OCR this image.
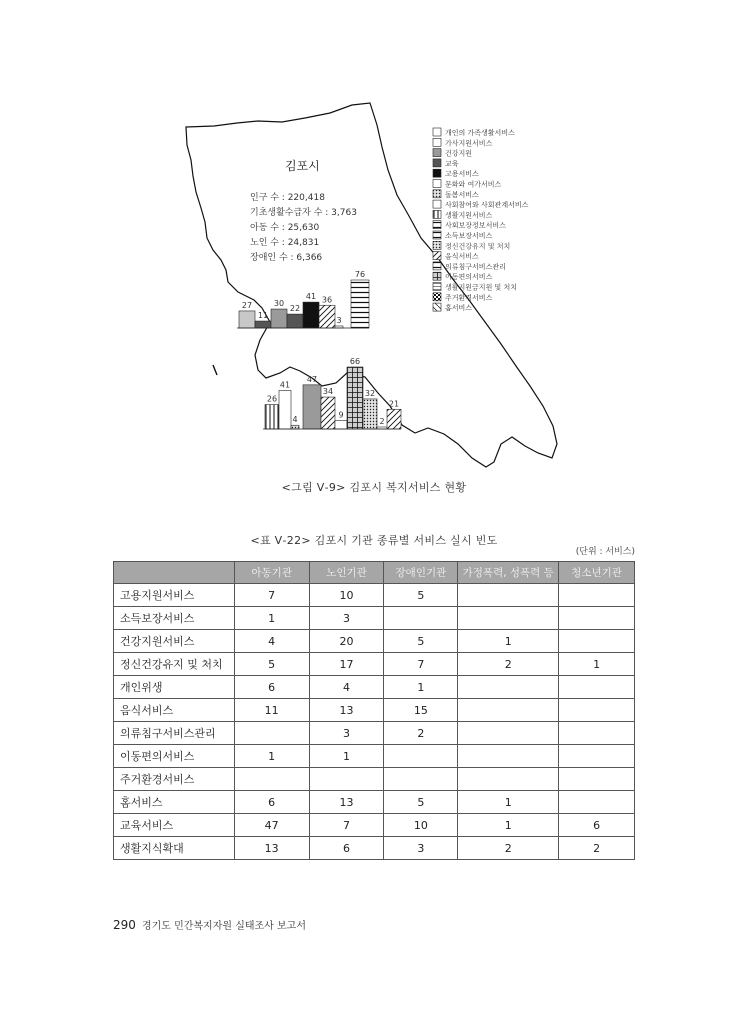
김포시
인구 수 : 220,418
기초생활수급자 수 : 3,763
아동 수 : 25,630
노인 수 : 24,831
장애인 수 : 6,366
개인의 가족생활서비스
가사지원서비스
건강지원
교육
고용서비스
문화와 여가서비스
돌봄서비스
사회참여와 사회관계서비스
생활지원서비스
사회보장정보서비스
소득보장서비스
정신건강유지 및 처치
음식서비스
의류침구서비스관리
이동편의서비스
생활지원금지원 및 처치
주거환경서비스
홈서비스
27
11
30
22
41 36
3
76
26
41
4
47
34
9
66
32
2
21
<그림 Ⅴ-9> 김포시 복지서비스 현황
<표 Ⅴ-22> 김포시 기관 종류별 서비스 실시 빈도
(단위 : 서비스)
	아동기관	노인기관	장애인기관	가정폭력, 성폭력 등	청소년기관
고용지원서비스	7	10	5		
소득보장서비스	1	3			
건강지원서비스	4	20	5	1	
정신건강유지 및 처치	5	17	7	2	1
개인위생	6	4	1		
음식서비스	11	13	15		
의류침구서비스관리		3	2		
이동편의서비스	1	1			
주거환경서비스					
홈서비스	6	13	5	1	
교육서비스	47	7	10	1	6
생활지식확대	13	6	3	2	2
290 경기도 민간복지자원 실태조사 보고서
